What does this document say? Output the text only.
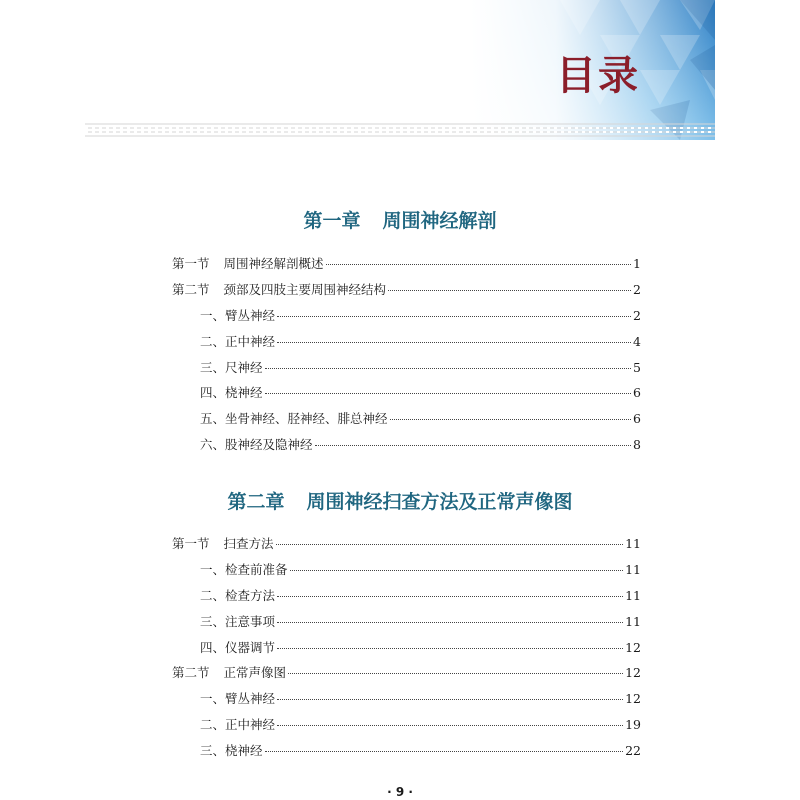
目录
第一章 周围神经解剖
第一节 周围神经解剖概述	1
第二节 颈部及四肢主要周围神经结构	2
一、臂丛神经	2
二、正中神经	4
三、尺神经	5
四、桡神经	6
五、坐骨神经、胫神经、腓总神经	6
六、股神经及隐神经	8
第二章 周围神经扫查方法及正常声像图
第一节 扫查方法	11
一、检查前准备	11
二、检查方法	11
三、注意事项	11
四、仪器调节	12
第二节 正常声像图	12
一、臂丛神经	12
二、正中神经	19
三、桡神经	22
· 9 ·
